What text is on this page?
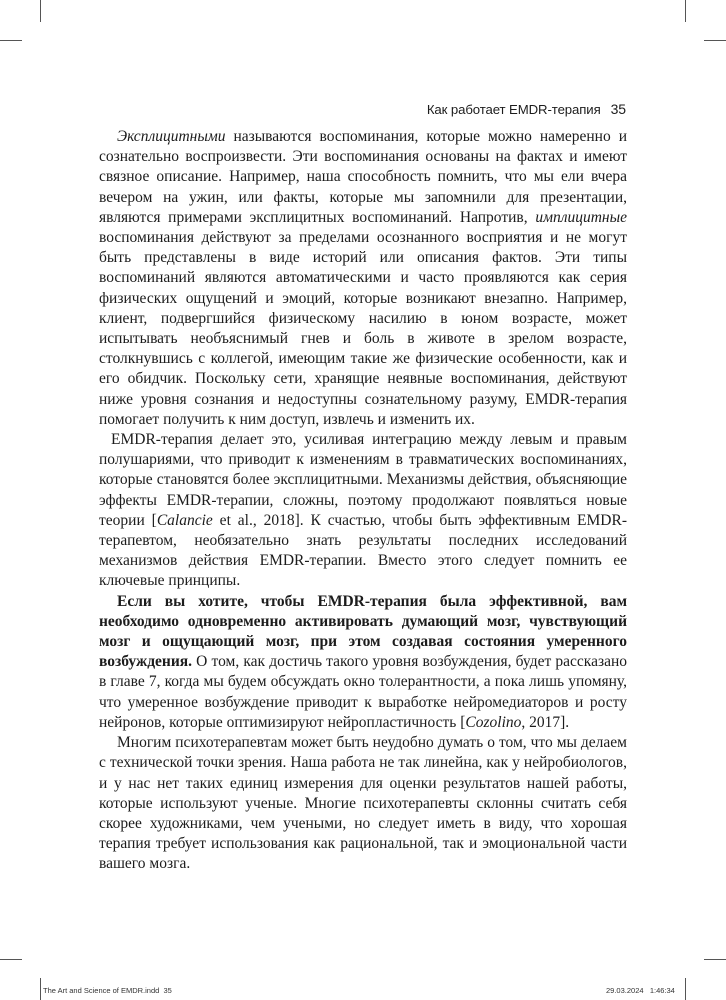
Как работает EMDR-терапия 35

Эксплицитными называются воспоминания, которые можно намеренно и сознательно воспроизвести. Эти воспоминания основаны на фактах и имеют связное описание. Например, наша способность помнить, что мы ели вчера вечером на ужин, или факты, которые мы запомнили для презентации, являются примерами эксплицитных воспоминаний. Напротив, имплицитные воспоминания действуют за пределами осознанного восприятия и не могут быть представлены в виде историй или описания фактов. Эти типы воспоминаний являются автоматическими и часто проявляются как серия физических ощущений и эмоций, которые возникают внезапно. Например, клиент, подвергшийся физическому насилию в юном возрасте, может испытывать необъяснимый гнев и боль в животе в зрелом возрасте, столкнувшись с коллегой, имеющим такие же физические особенности, как и его обидчик. Поскольку сети, хранящие неявные воспоминания, действуют ниже уровня сознания и недоступны сознательному разуму, EMDR-терапия помогает получить к ним доступ, извлечь и изменить их.

EMDR-терапия делает это, усиливая интеграцию между левым и правым полушариями, что приводит к изменениям в травматических воспоминаниях, которые становятся более эксплицитными. Механизмы действия, объясняющие эффекты EMDR-терапии, сложны, поэтому продолжают появляться новые теории [Calancie et al., 2018]. К счастью, чтобы быть эффективным EMDR-терапевтом, необязательно знать результаты последних исследований механизмов действия EMDR-терапии. Вместо этого следует помнить ее ключевые принципы.

Если вы хотите, чтобы EMDR-терапия была эффективной, вам необходимо одновременно активировать думающий мозг, чувствующий мозг и ощущающий мозг, при этом создавая состояния умеренного возбуждения. О том, как достичь такого уровня возбуждения, будет рассказано в главе 7, когда мы будем обсуждать окно толерантности, а пока лишь упомяну, что умеренное возбуждение приводит к выработке нейромедиаторов и росту нейронов, которые оптимизируют нейропластичность [Cozolino, 2017].

Многим психотерапевтам может быть неудобно думать о том, что мы делаем с технической точки зрения. Наша работа не так линейна, как у нейробиологов, и у нас нет таких единиц измерения для оценки результатов нашей работы, которые используют ученые. Многие психотерапевты склонны считать себя скорее художниками, чем учеными, но следует иметь в виду, что хорошая терапия требует использования как рациональной, так и эмоциональной части вашего мозга.

The Art and Science of EMDR.indd 35	29.03.2024 1:46:34
